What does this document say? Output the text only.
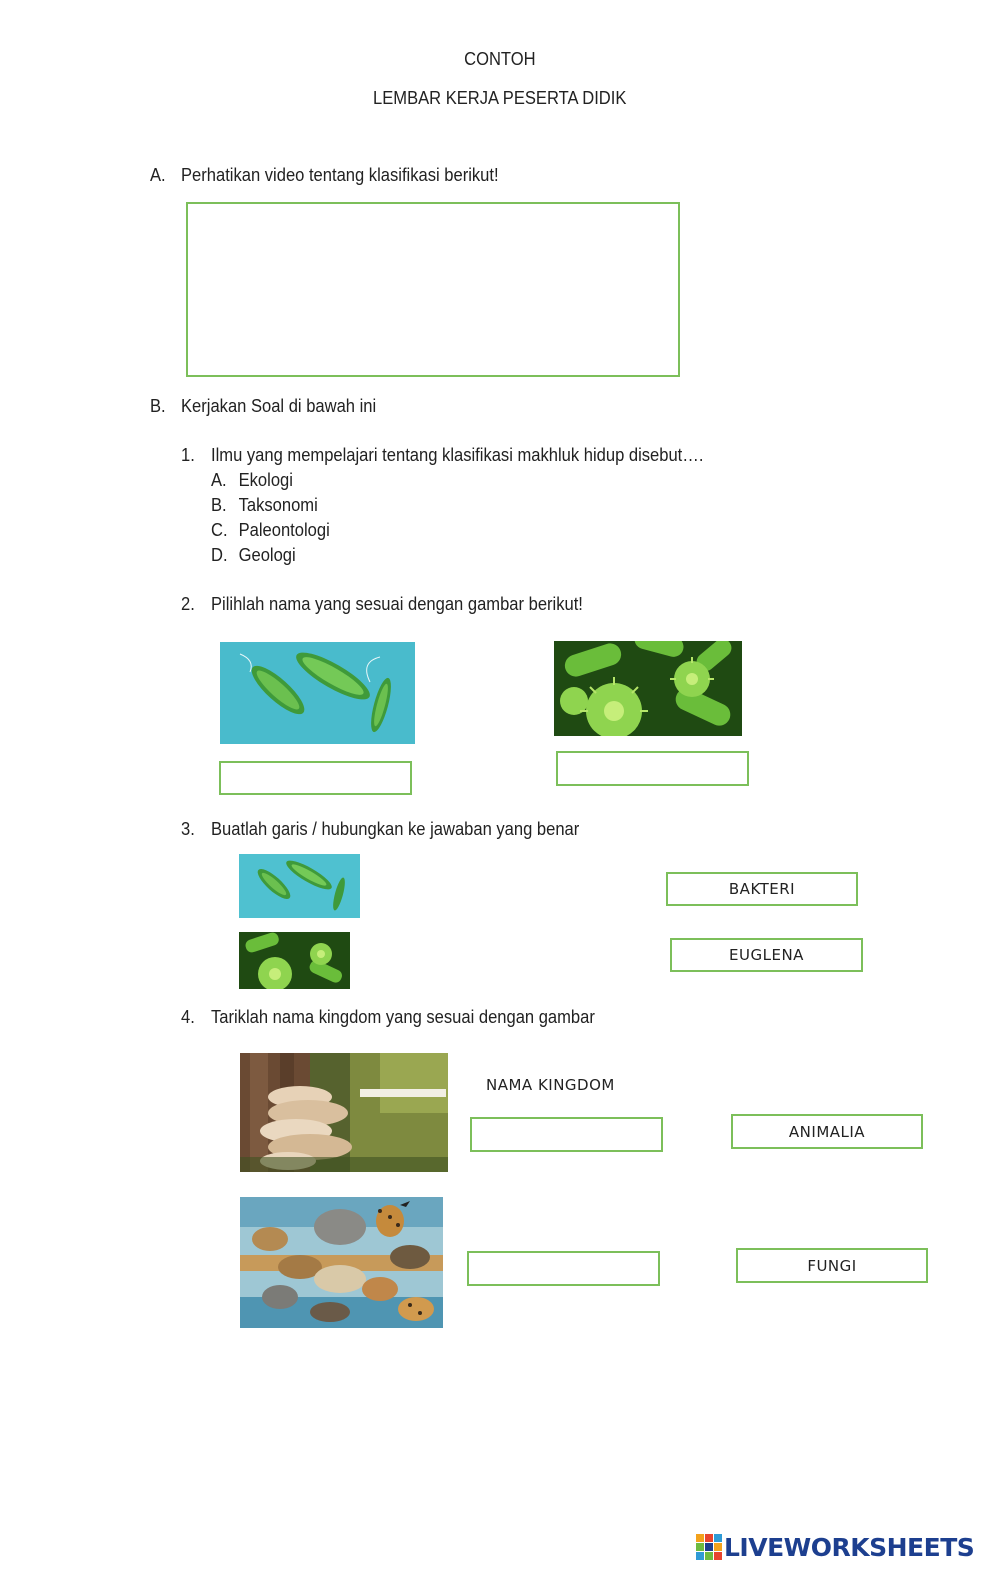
CONTOH
LEMBAR KERJA PESERTA DIDIK
A. Perhatikan video tentang klasifikasi berikut!
B. Kerjakan Soal di bawah ini
1. Ilmu yang mempelajari tentang klasifikasi makhluk hidup disebut….
A. Ekologi
B. Taksonomi
C. Paleontologi
D. Geologi
2. Pilihlah nama yang sesuai dengan gambar berikut!
3. Buatlah garis / hubungkan ke jawaban yang benar
BAKTERI
EUGLENA
4. Tariklah nama kingdom yang sesuai dengan gambar
NAMA KINGDOM
ANIMALIA
FUNGI
LIVEWORKSHEETS
